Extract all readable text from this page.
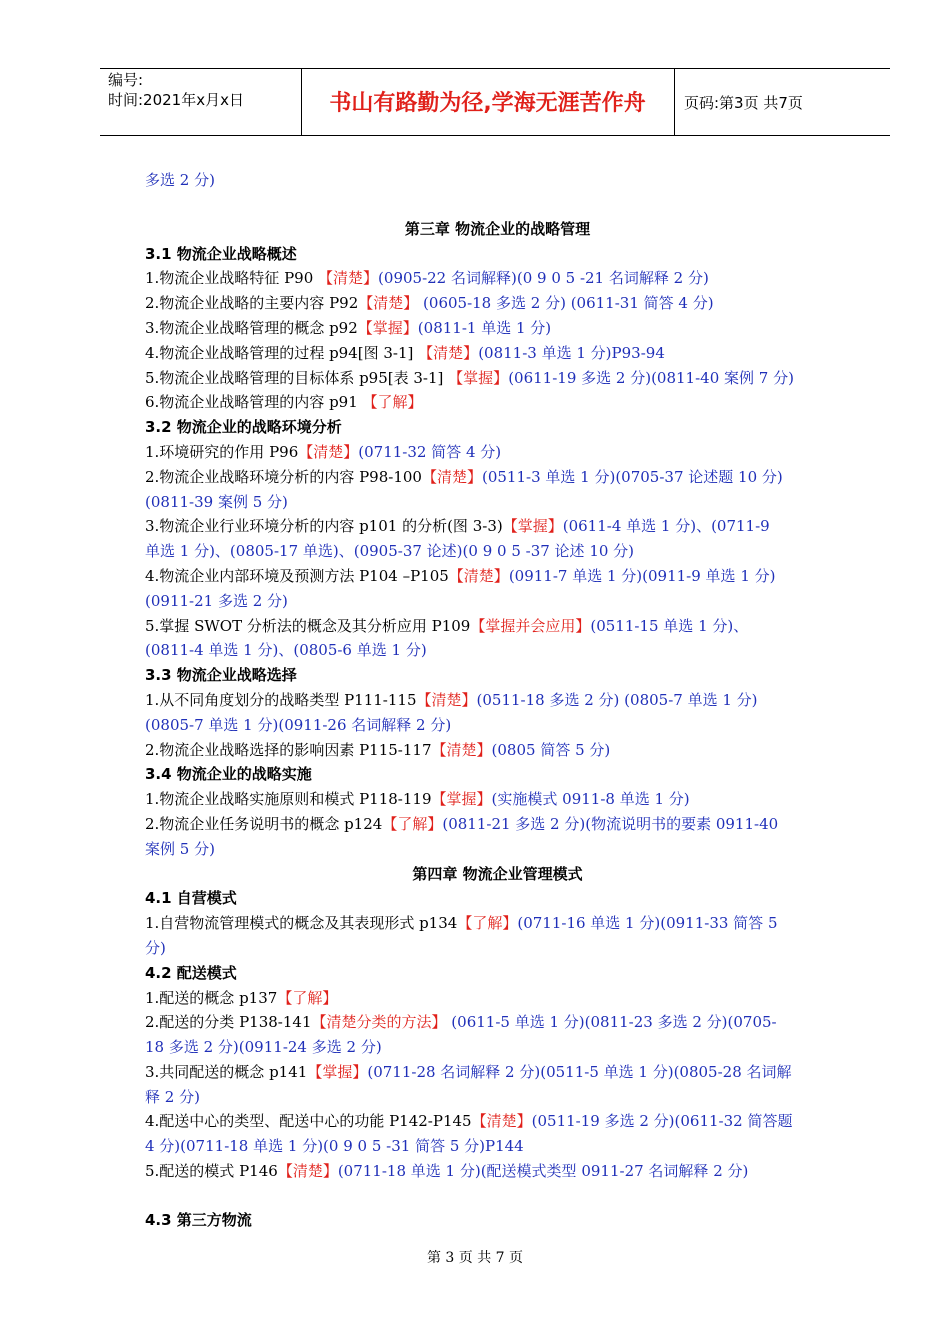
编号:
时间:2021年x月x日	书山有路勤为径,学海无涯苦作舟	页码:第3页 共7页
多选 2 分)
第三章 物流企业的战略管理
3.1 物流企业战略概述
1.物流企业战略特征 P90 【清楚】(0905-22 名词解释)(0 9 0 5 -21 名词解释 2 分)
2.物流企业战略的主要内容 P92【清楚】 (0605-18 多选 2 分) (0611-31 简答 4 分)
3.物流企业战略管理的概念 p92【掌握】(0811-1 单选 1 分)
4.物流企业战略管理的过程 p94[图 3-1] 【清楚】(0811-3 单选 1 分)P93-94
5.物流企业战略管理的目标体系 p95[表 3-1] 【掌握】(0611-19 多选 2 分)(0811-40 案例 7 分)
6.物流企业战略管理的内容 p91 【了解】
3.2 物流企业的战略环境分析
1.环境研究的作用 P96【清楚】(0711-32 简答 4 分)
2.物流企业战略环境分析的内容 P98-100【清楚】(0511-3 单选 1 分)(0705-37 论述题 10 分)
(0811-39 案例 5 分)
3.物流企业行业环境分析的内容 p101 的分析(图 3-3)【掌握】(0611-4 单选 1 分)、(0711-9
单选 1 分)、(0805-17 单选)、(0905-37 论述)(0 9 0 5 -37 论述 10 分)
4.物流企业内部环境及预测方法 P104 –P105【清楚】(0911-7 单选 1 分)(0911-9 单选 1 分)
(0911-21 多选 2 分)
5.掌握 SWOT 分析法的概念及其分析应用 P109【掌握并会应用】(0511-15 单选 1 分)、
(0811-4 单选 1 分)、(0805-6 单选 1 分)
3.3 物流企业战略选择
1.从不同角度划分的战略类型 P111-115【清楚】(0511-18 多选 2 分) (0805-7 单选 1 分)
(0805-7 单选 1 分)(0911-26 名词解释 2 分)
2.物流企业战略选择的影响因素 P115-117【清楚】(0805 简答 5 分)
3.4 物流企业的战略实施
1.物流企业战略实施原则和模式 P118-119【掌握】(实施模式 0911-8 单选 1 分)
2.物流企业任务说明书的概念 p124【了解】(0811-21 多选 2 分)(物流说明书的要素 0911-40
案例 5 分)
第四章 物流企业管理模式
4.1 自营模式
1.自营物流管理模式的概念及其表现形式 p134【了解】(0711-16 单选 1 分)(0911-33 简答 5
分)
4.2 配送模式
1.配送的概念 p137【了解】
2.配送的分类 P138-141【清楚分类的方法】 (0611-5 单选 1 分)(0811-23 多选 2 分)(0705-
18 多选 2 分)(0911-24 多选 2 分)
3.共同配送的概念 p141【掌握】(0711-28 名词解释 2 分)(0511-5 单选 1 分)(0805-28 名词解
释 2 分)
4.配送中心的类型、配送中心的功能 P142-P145【清楚】(0511-19 多选 2 分)(0611-32 简答题
4 分)(0711-18 单选 1 分)(0 9 0 5 -31 简答 5 分)P144
5.配送的模式 P146【清楚】(0711-18 单选 1 分)(配送模式类型 0911-27 名词解释 2 分)
4.3 第三方物流
第 3 页 共 7 页
